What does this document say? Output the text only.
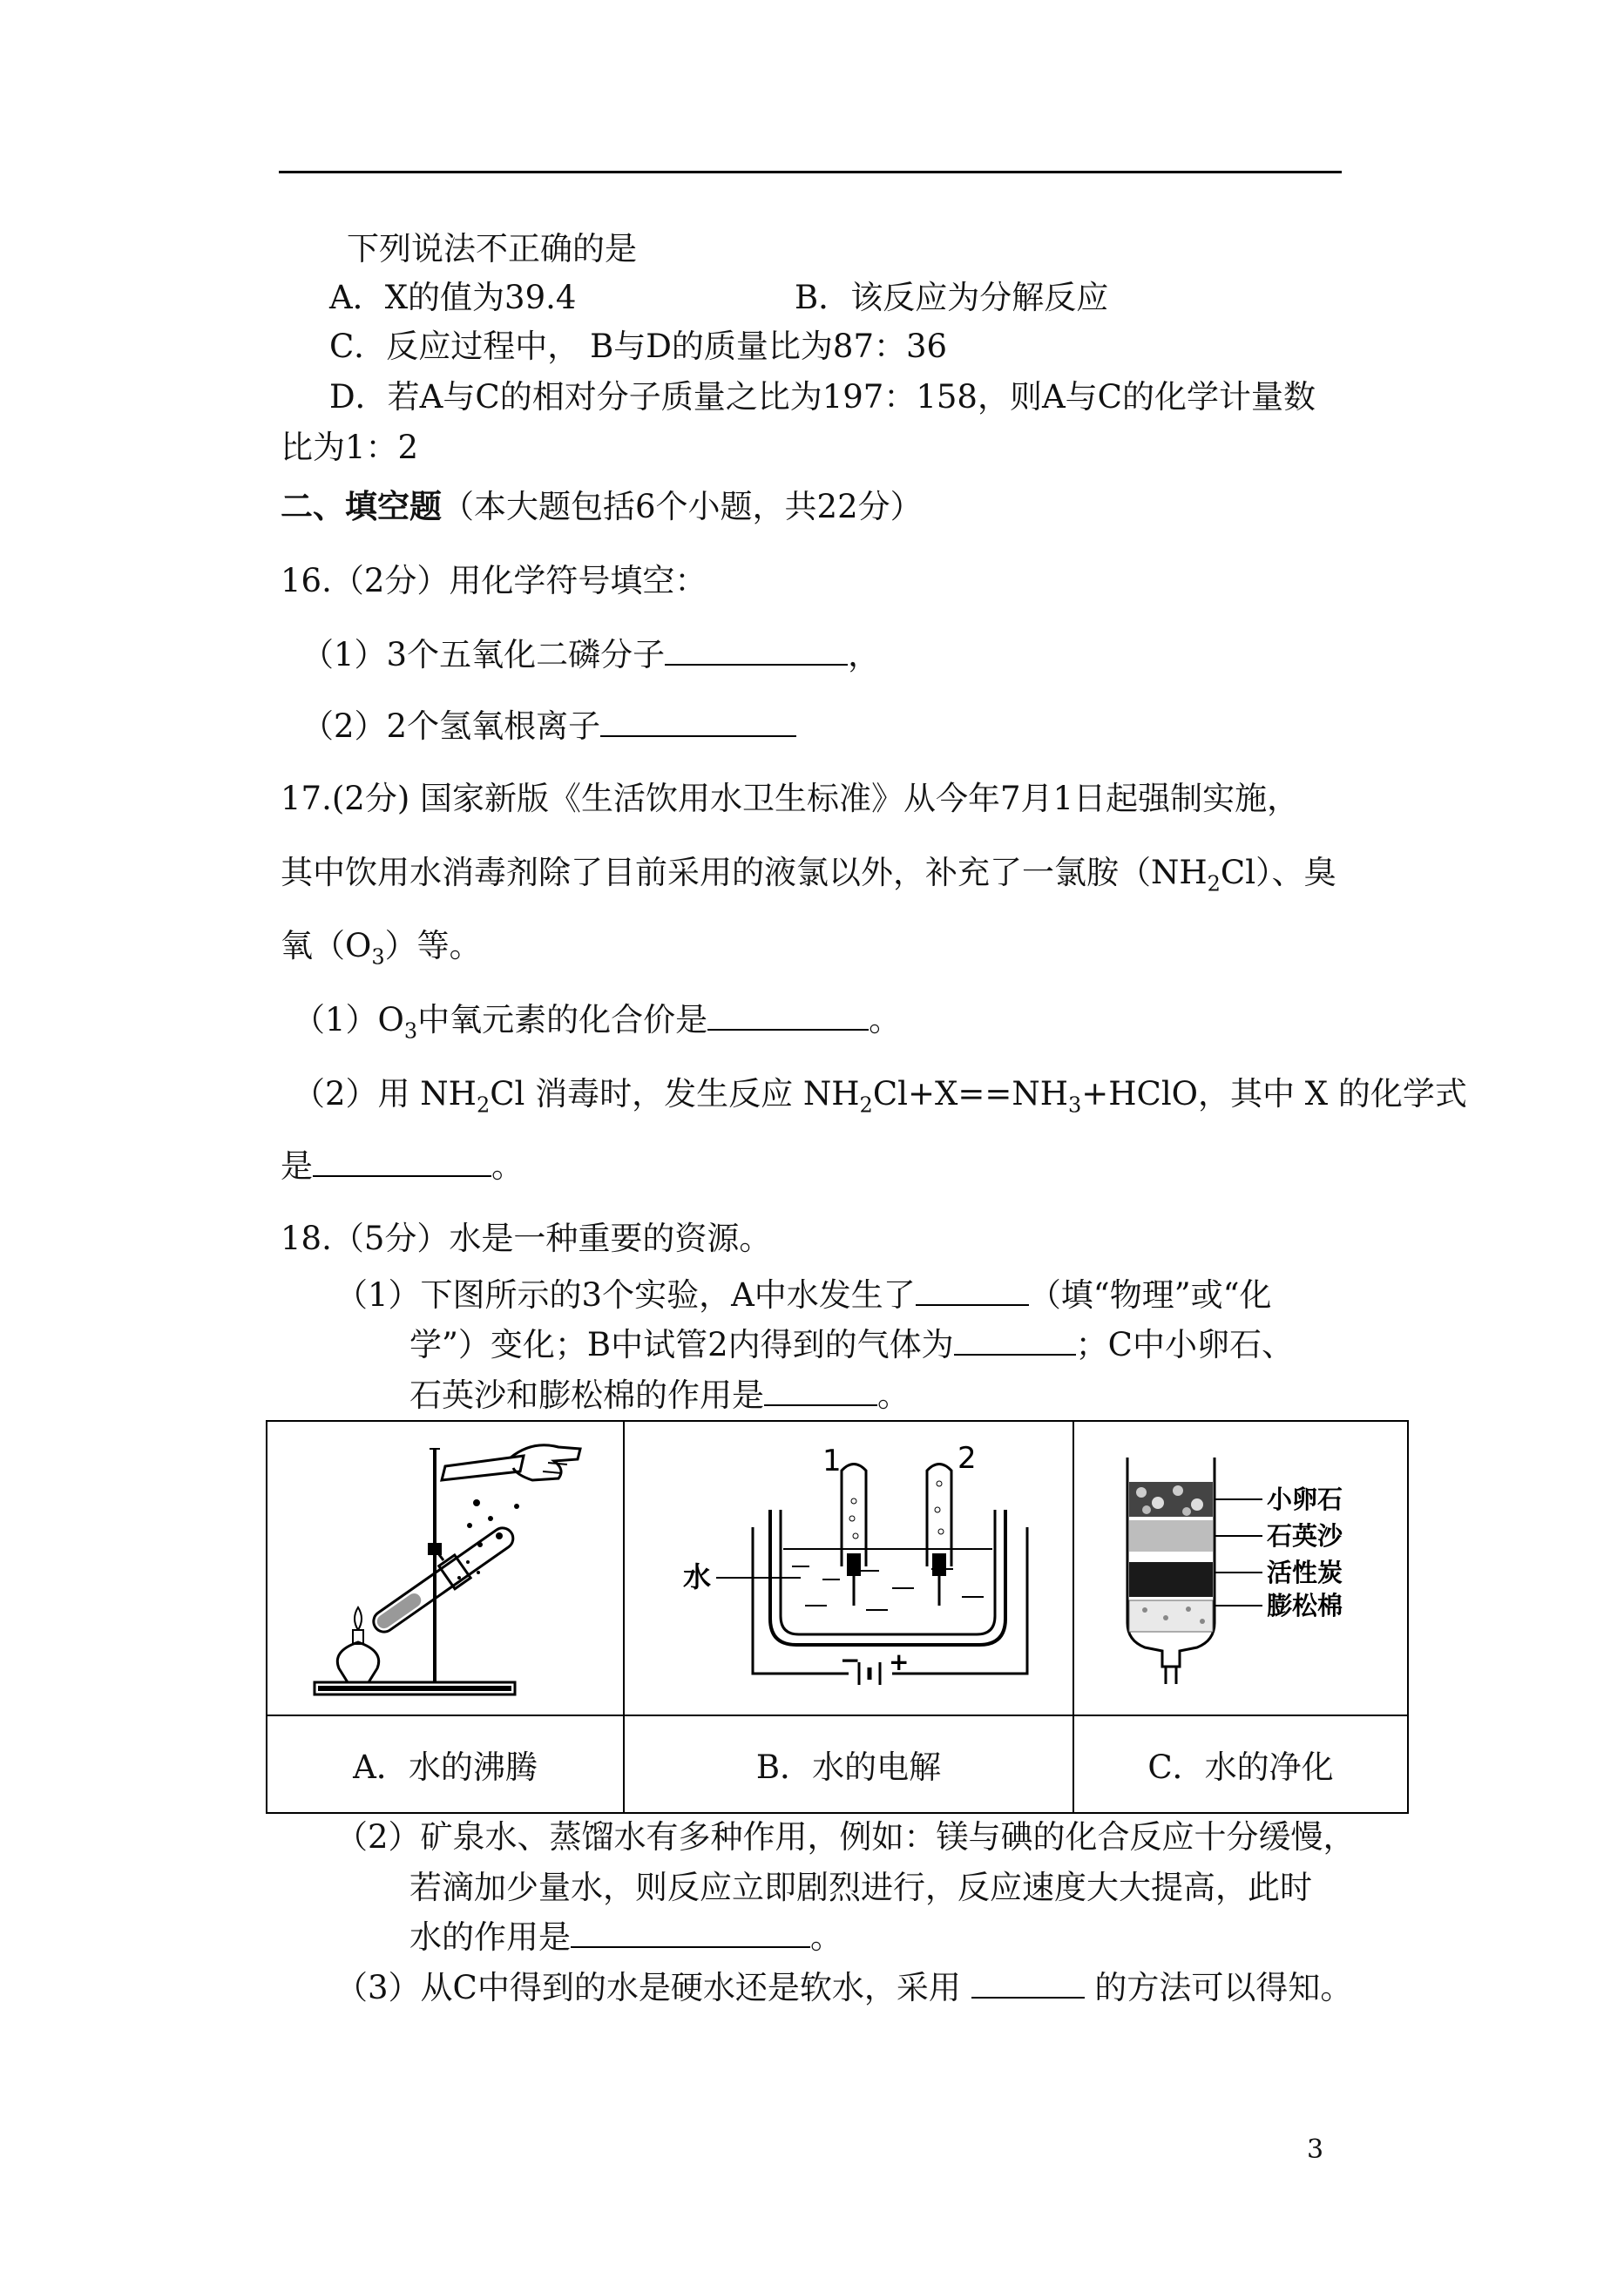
下列说法不正确的是
A．X的值为39.4	B．该反应为分解反应
C．反应过程中， B与D的质量比为87：36
D．若A与C的相对分子质量之比为197：158，则A与C的化学计量数
比为1：2
二、填空题（本大题包括6个小题，共22分）
16.（2分）用化学符号填空：
（1）3个五氧化二磷分子	，
（2）2个氢氧根离子
17.(2分) 国家新版《生活饮用水卫生标准》从今年7月1日起强制实施，
其中饮用水消毒剂除了目前采用的液氯以外，补充了一氯胺$(NH_2Cl)$、臭
氧$(O_3)$等。
$(1)O_3$中氧元素的化合价是	。
（2）用 $NH_2Cl$ 消毒时，发生反应 $NH_2Cl+X==NH_3+HClO$，其中 X 的化学式
是	。
18.（5分）水是一种重要的资源。
（1）下图所示的3个实验，A中水发生了	（填“物理”或“化
学”）变化；B中试管2内得到的气体为	；C中小卵石、
石英沙和膨松棉的作用是	。

− +
1 2
水	小卵石
石英沙
活性炭
膨松棉

A．水的沸腾	B．水的电解	C．水的净化
（2）矿泉水、蒸馏水有多种作用，例如：镁与碘的化合反应十分缓慢，
若滴加少量水，则反应立即剧烈进行，反应速度大大提高，此时
水的作用是	。
（3）从C中得到的水是硬水还是软水，采用	的方法可以得知。
3
